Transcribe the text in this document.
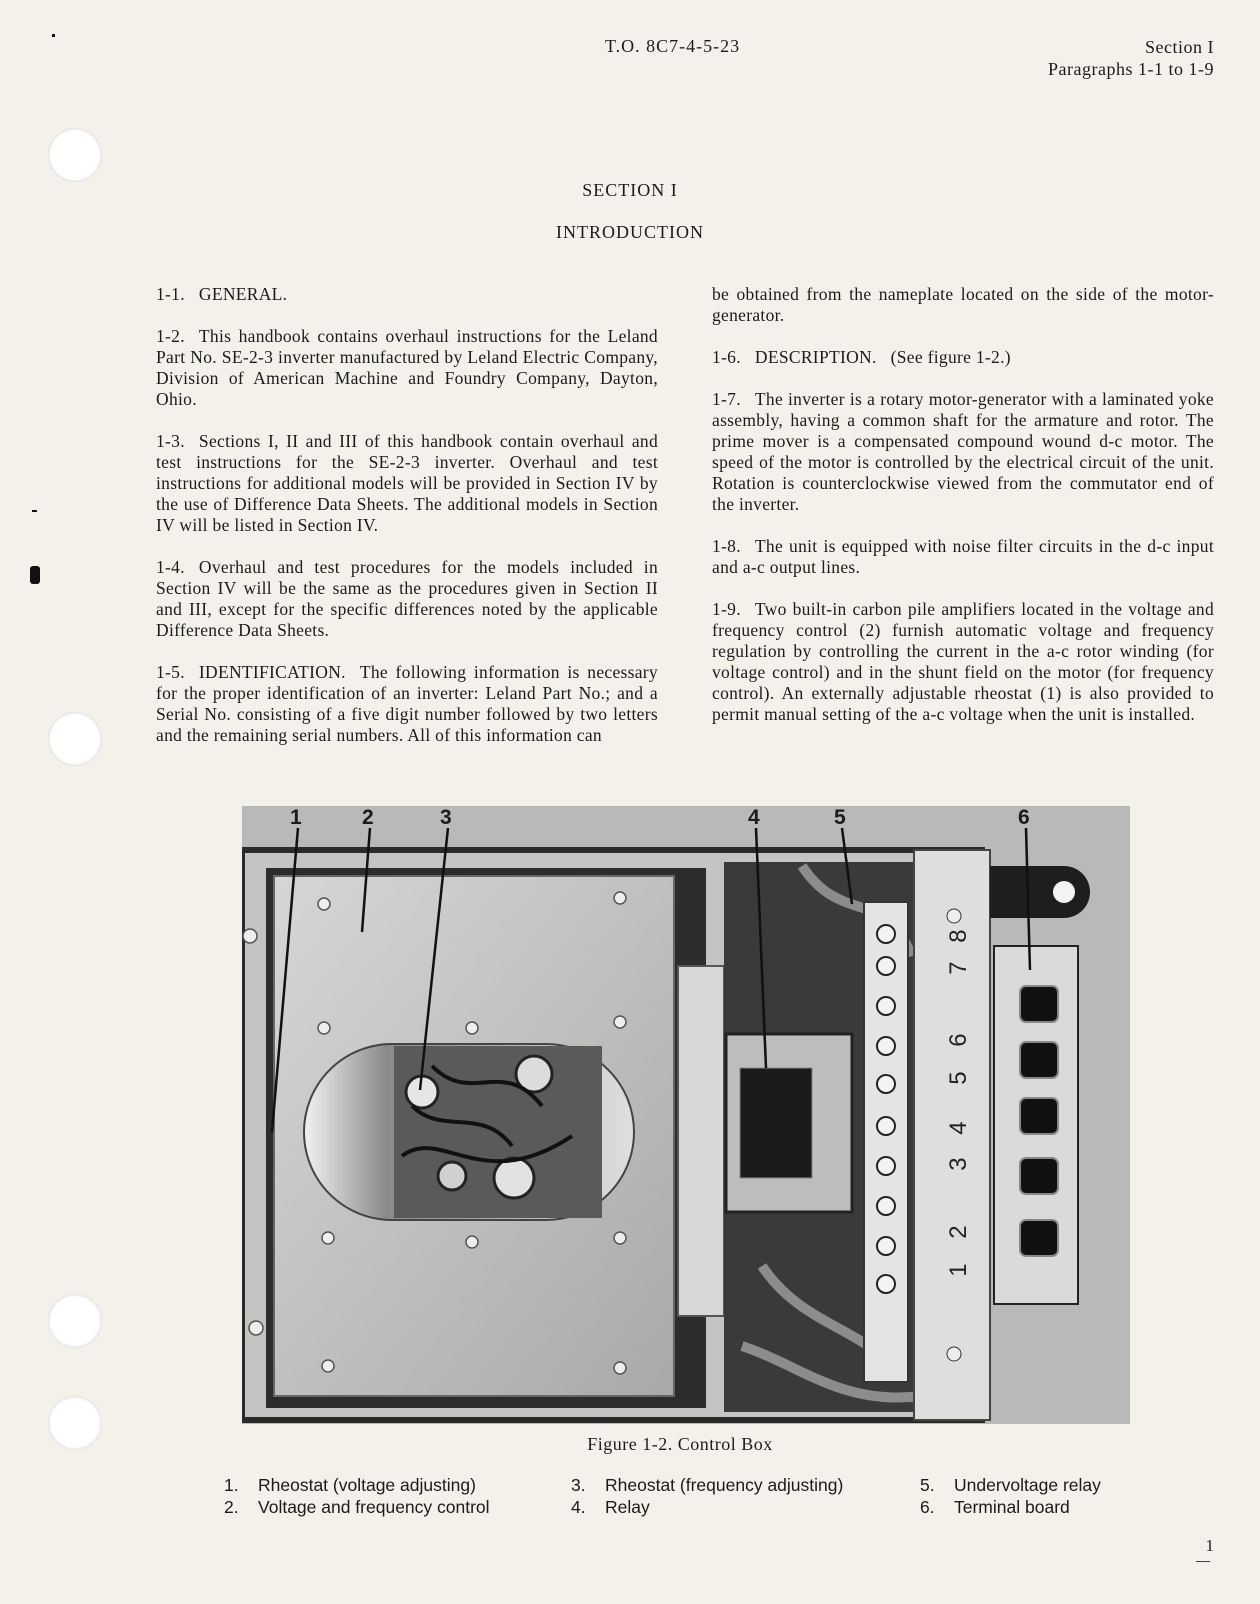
T.O. 8C7-4-5-23	Section I
Paragraphs 1-1 to 1-9
SECTION I
INTRODUCTION

1-1. GENERAL.

1-2. This handbook contains overhaul instructions for the Leland Part No. SE-2-3 inverter manufactured by Leland Electric Company, Division of American Machine and Foundry Company, Dayton, Ohio.

1-3. Sections I, II and III of this handbook contain overhaul and test instructions for the SE-2-3 inverter. Overhaul and test instructions for additional models will be provided in Section IV by the use of Difference Data Sheets. The additional models in Section IV will be listed in Section IV.

1-4. Overhaul and test procedures for the models included in Section IV will be the same as the procedures given in Section II and III, except for the specific differences noted by the applicable Difference Data Sheets.

1-5. IDENTIFICATION. The following information is necessary for the proper identification of an inverter: Leland Part No.; and a Serial No. consisting of a five digit number followed by two letters and the remaining serial numbers. All of this information can

be obtained from the nameplate located on the side of the motor-generator.

1-6. DESCRIPTION. (See figure 1-2.)

1-7. The inverter is a rotary motor-generator with a laminated yoke assembly, having a common shaft for the armature and rotor. The prime mover is a compensated compound wound d-c motor. The speed of the motor is controlled by the electrical circuit of the unit. Rotation is counterclockwise viewed from the commutator end of the inverter.

1-8. The unit is equipped with noise filter circuits in the d-c input and a-c output lines.

1-9. Two built-in carbon pile amplifiers located in the voltage and frequency control (2) furnish automatic voltage and frequency regulation by controlling the current in the a-c rotor winding (for voltage control) and in the shunt field on the motor (for frequency control). An externally adjustable rheostat (1) is also provided to permit manual setting of the a-c voltage when the unit is installed.

8
7
6
5
4
3
2
1
1	2	3	4	5	6
Figure 1-2. Control Box
1. Rheostat (voltage adjusting)
2. Voltage and frequency control
3. Rheostat (frequency adjusting)
4. Relay
5. Undervoltage relay
6. Terminal board
1
